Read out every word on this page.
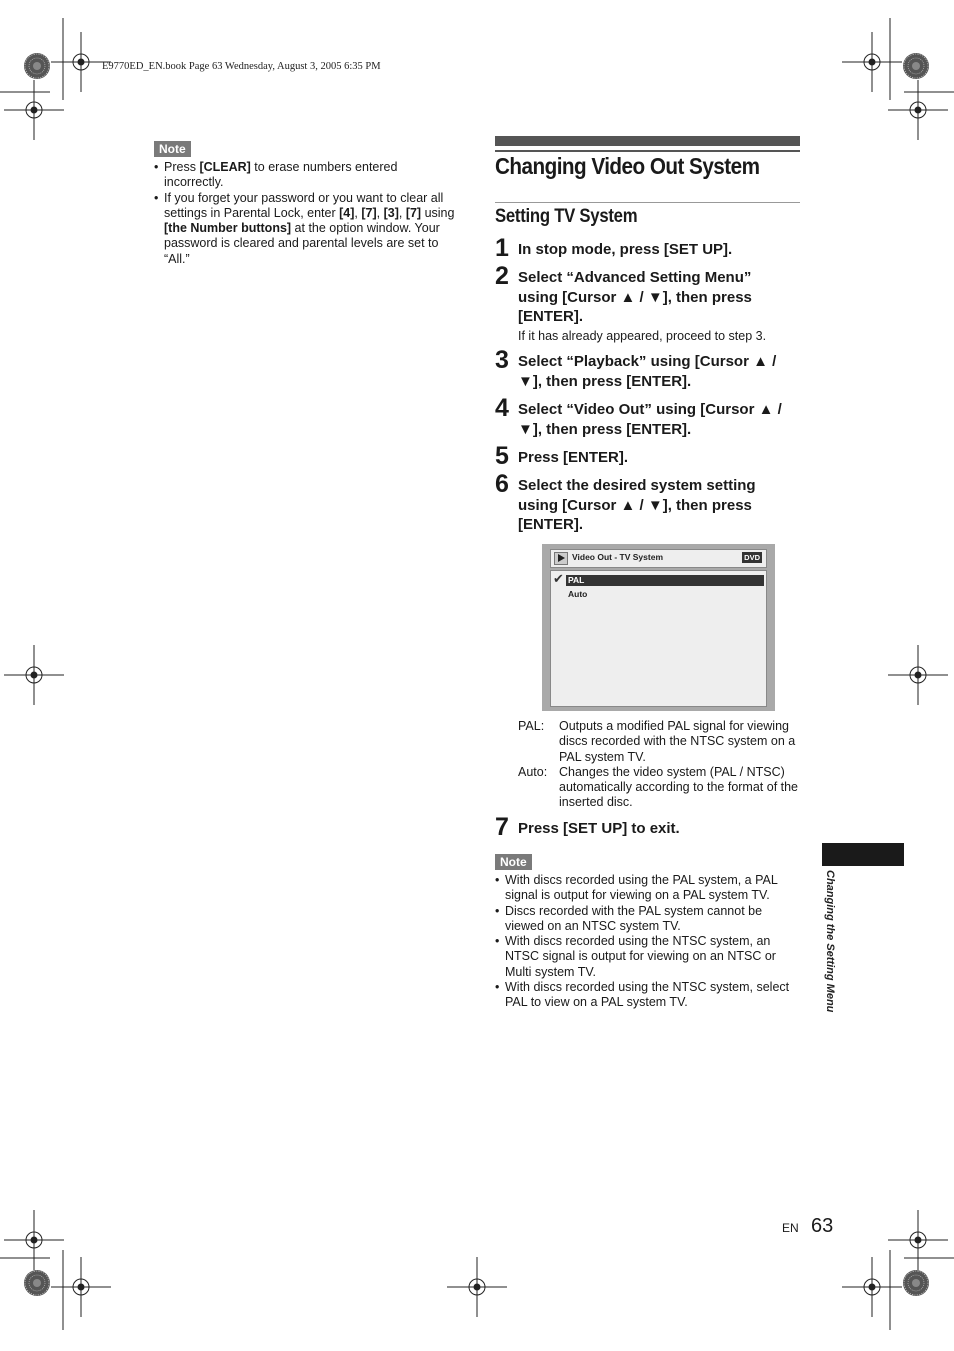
E9770ED_EN.book Page 63 Wednesday, August 3, 2005 6:35 PM
Note
• Press [CLEAR] to erase numbers entered incorrectly.
• If you forget your password or you want to clear all settings in Parental Lock, enter [4], [7], [3], [7] using [the Number buttons] at the option window. Your password is cleared and parental levels are set to “All.”
Changing Video Out System
Setting TV System
1 In stop mode, press [SET UP].
2 Select “Advanced Setting Menu” using [Cursor ▲ / ▼], then press [ENTER].
If it has already appeared, proceed to step 3.
3 Select “Playback” using [Cursor ▲ / ▼], then press [ENTER].
4 Select “Video Out” using [Cursor ▲ / ▼], then press [ENTER].
5 Press [ENTER].
6 Select the desired system setting using [Cursor ▲ / ▼], then press [ENTER].
Video Out - TV System	DVD
✔ PAL
Auto
PAL:	Outputs a modified PAL signal for viewing discs recorded with the NTSC system on a PAL system TV.
Auto: Changes the video system (PAL / NTSC) automatically according to the format of the inserted disc.
7 Press [SET UP] to exit.
Note
• With discs recorded using the PAL system, a PAL signal is output for viewing on a PAL system TV.
• Discs recorded with the PAL system cannot be viewed on an NTSC system TV.
• With discs recorded using the NTSC system, an NTSC signal is output for viewing on an NTSC or Multi system TV.
• With discs recorded using the NTSC system, select PAL to view on a PAL system TV.	Changing the Setting Menu
EN 63
